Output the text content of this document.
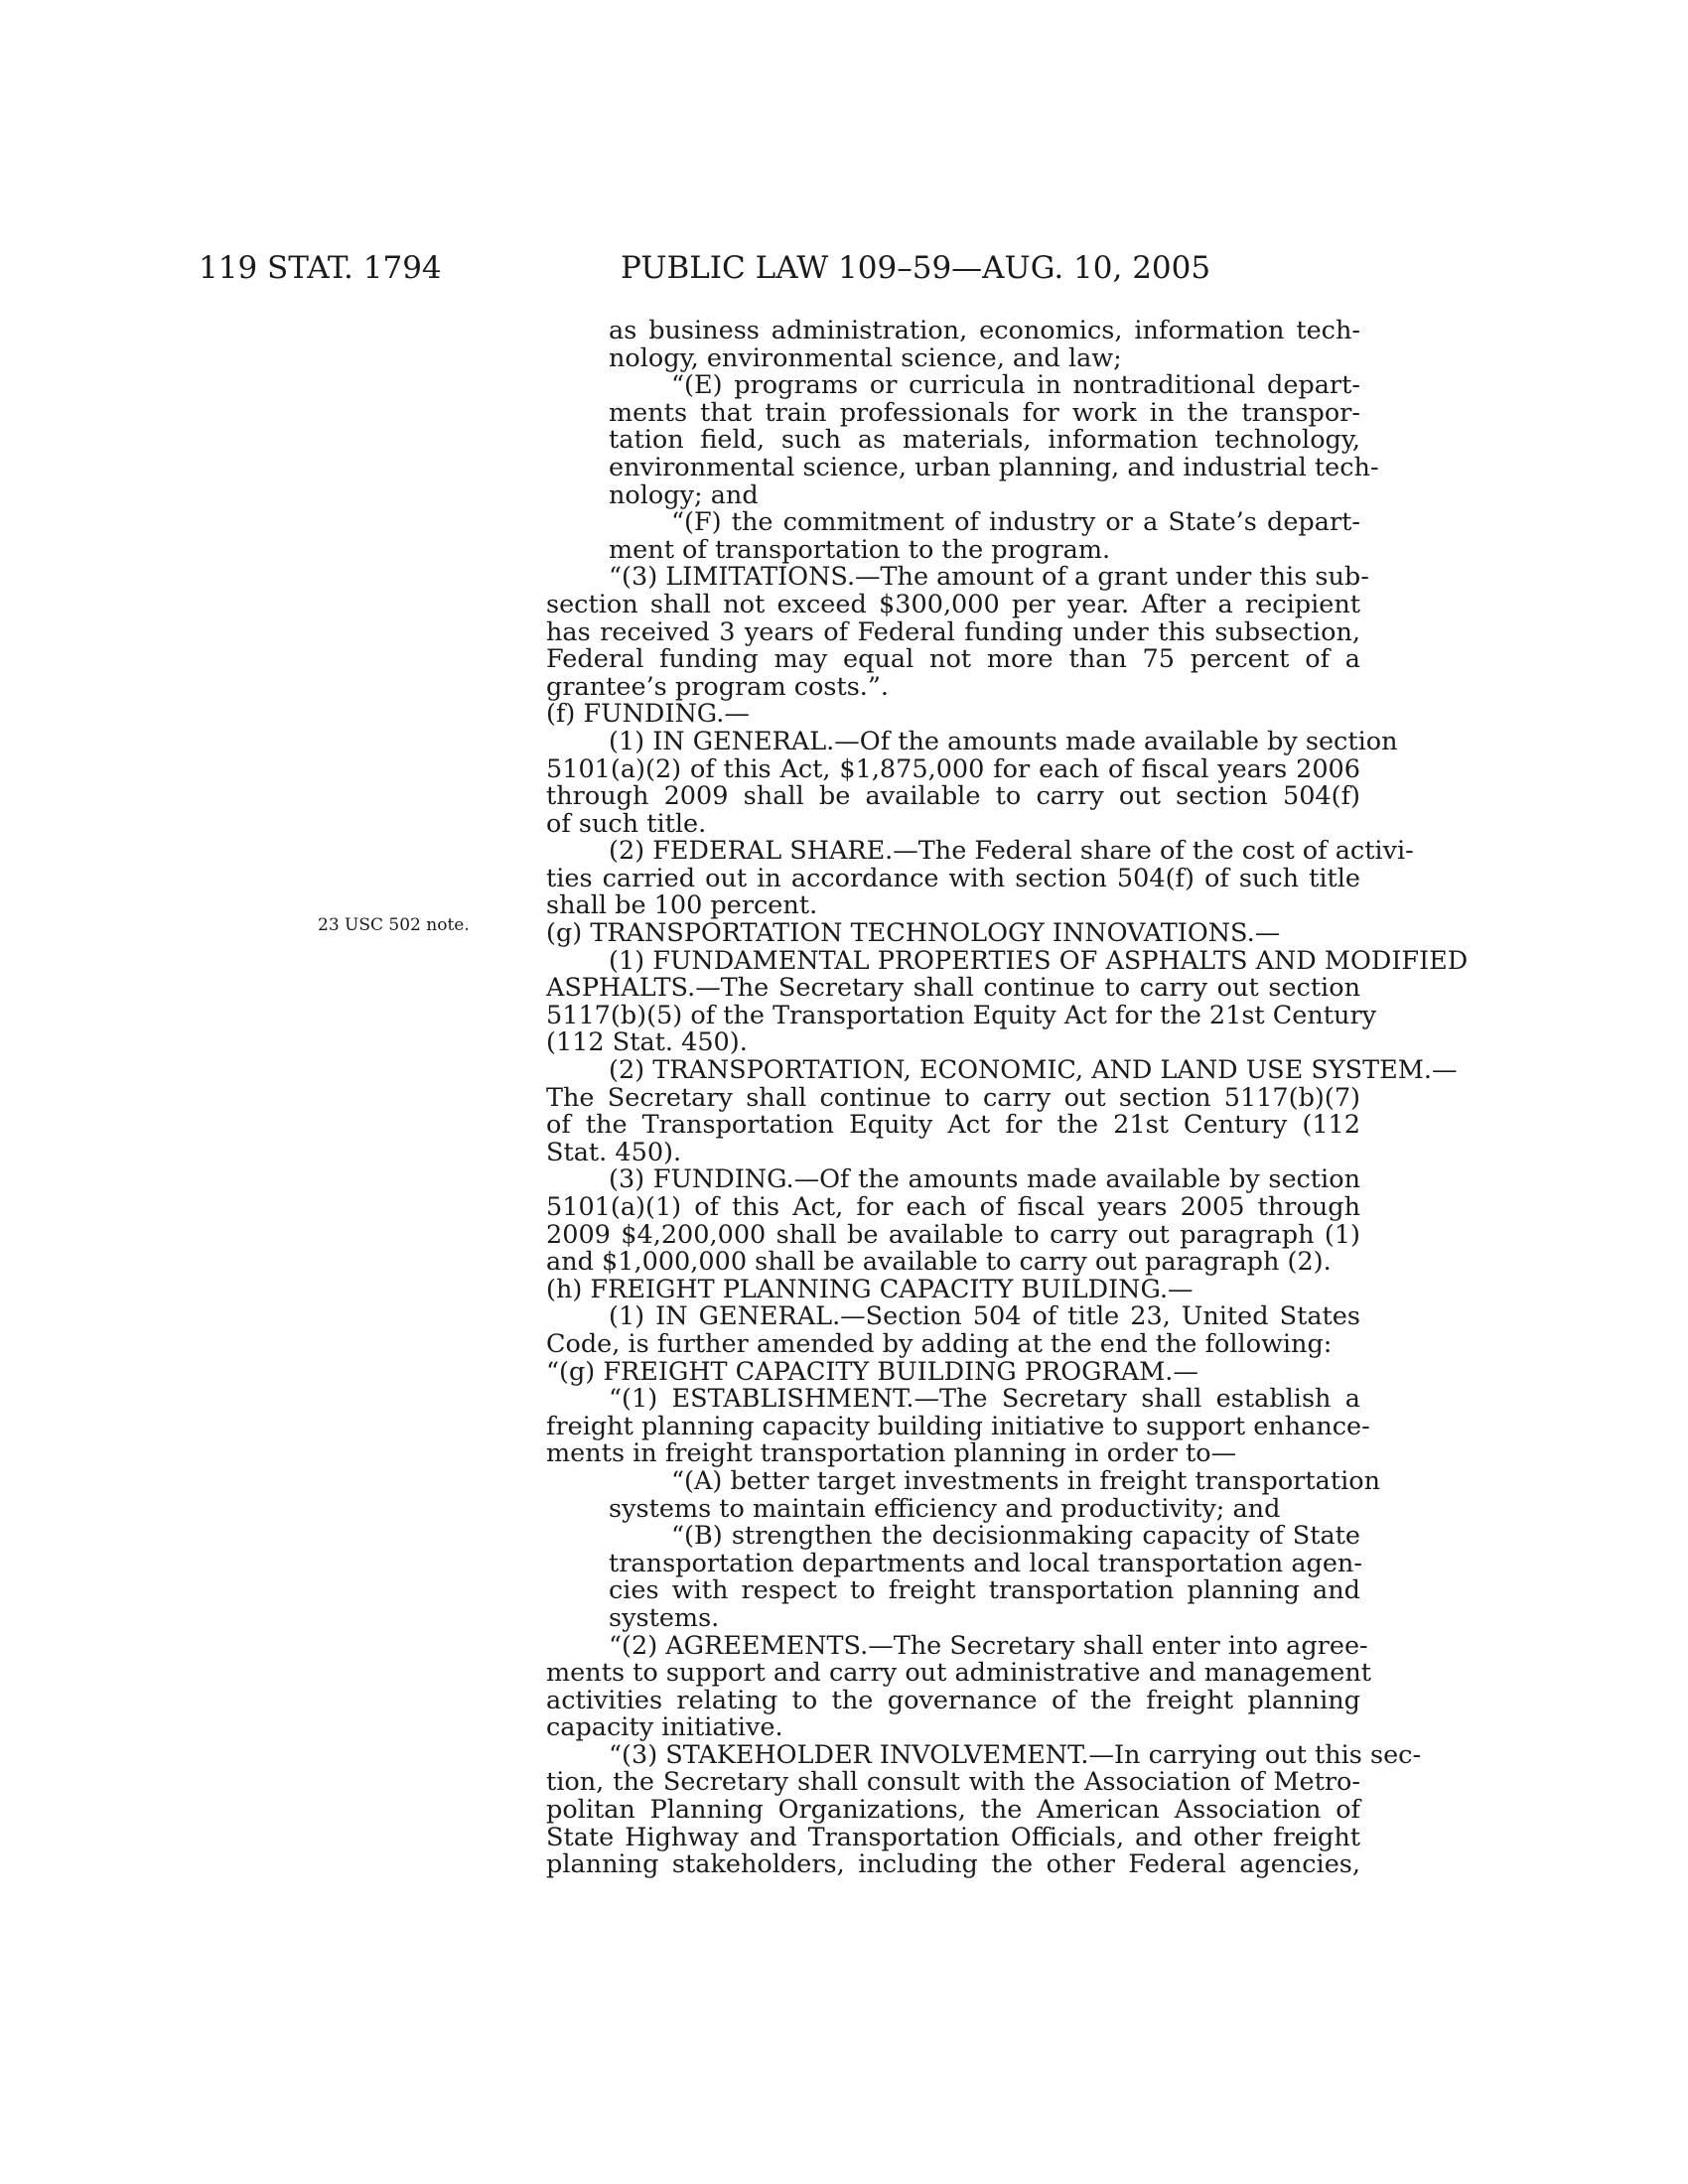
119 STAT. 1794	PUBLIC LAW 109–59—AUG. 10, 2005
23 USC 502 note.
as business administration, economics, information tech-
nology, environmental science, and law;
“(E) programs or curricula in nontraditional depart-
ments that train professionals for work in the transpor-
tation field, such as materials, information technology,
environmental science, urban planning, and industrial tech-
nology; and
“(F) the commitment of industry or a State’s depart-
ment of transportation to the program.
“(3) LIMITATIONS.—The amount of a grant under this sub-
section shall not exceed $300,000 per year. After a recipient
has received 3 years of Federal funding under this subsection,
Federal funding may equal not more than 75 percent of a
grantee’s program costs.”.
(f) FUNDING.—
(1) IN GENERAL.—Of the amounts made available by section
5101(a)(2) of this Act, $1,875,000 for each of fiscal years 2006
through 2009 shall be available to carry out section 504(f)
of such title.
(2) FEDERAL SHARE.—The Federal share of the cost of activi-
ties carried out in accordance with section 504(f) of such title
shall be 100 percent.
(g) TRANSPORTATION TECHNOLOGY INNOVATIONS.—
(1) FUNDAMENTAL PROPERTIES OF ASPHALTS AND MODIFIED
ASPHALTS.—The Secretary shall continue to carry out section
5117(b)(5) of the Transportation Equity Act for the 21st Century
(112 Stat. 450).
(2) TRANSPORTATION, ECONOMIC, AND LAND USE SYSTEM.—
The Secretary shall continue to carry out section 5117(b)(7)
of the Transportation Equity Act for the 21st Century (112
Stat. 450).
(3) FUNDING.—Of the amounts made available by section
5101(a)(1) of this Act, for each of fiscal years 2005 through
2009 $4,200,000 shall be available to carry out paragraph (1)
and $1,000,000 shall be available to carry out paragraph (2).
(h) FREIGHT PLANNING CAPACITY BUILDING.—
(1) IN GENERAL.—Section 504 of title 23, United States
Code, is further amended by adding at the end the following:
“(g) FREIGHT CAPACITY BUILDING PROGRAM.—
“(1) ESTABLISHMENT.—The Secretary shall establish a
freight planning capacity building initiative to support enhance-
ments in freight transportation planning in order to—
“(A) better target investments in freight transportation
systems to maintain efficiency and productivity; and
“(B) strengthen the decisionmaking capacity of State
transportation departments and local transportation agen-
cies with respect to freight transportation planning and
systems.
“(2) AGREEMENTS.—The Secretary shall enter into agree-
ments to support and carry out administrative and management
activities relating to the governance of the freight planning
capacity initiative.
“(3) STAKEHOLDER INVOLVEMENT.—In carrying out this sec-
tion, the Secretary shall consult with the Association of Metro-
politan Planning Organizations, the American Association of
State Highway and Transportation Officials, and other freight
planning stakeholders, including the other Federal agencies,
